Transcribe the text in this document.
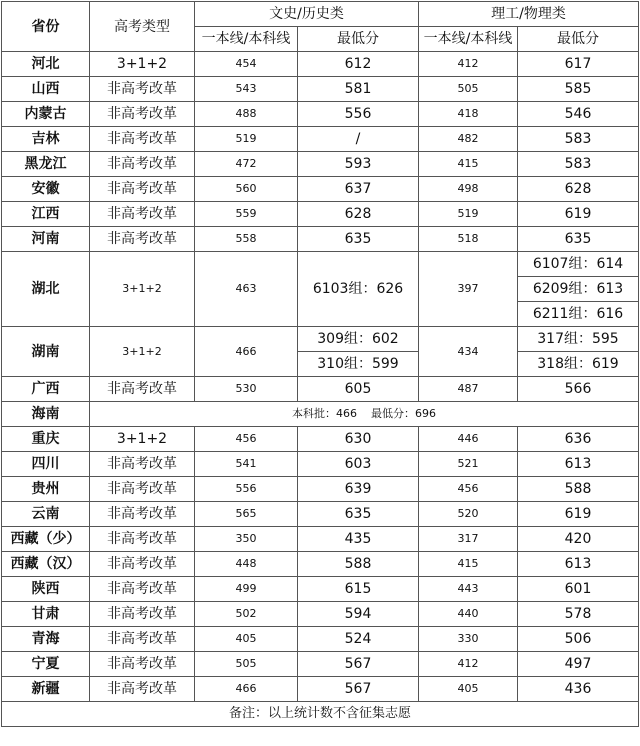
省份	高考类型	文史/历史类		理工/物理类	
		一本线/本科线	最低分	一本线/本科线	最低分
河北	3+1+2	454	612	412	617
山西	非高考改革	543	581	505	585
内蒙古	非高考改革	488	556	418	546
吉林	非高考改革	519	/	482	583
黑龙江	非高考改革	472	593	415	583
安徽	非高考改革	560	637	498	628
江西	非高考改革	559	628	519	619
河南	非高考改革	558	635	518	635
湖北	3+1+2	463	6103组：626	397	6107组：614
					6209组：613
					6211组：616
湖南	3+1+2	466	309组：602	434	317组：595
			310组：599		318组：619
广西	非高考改革	530	605	487	566
海南	本科批：466    最低分：696				
重庆	3+1+2	456	630	446	636
四川	非高考改革	541	603	521	613
贵州	非高考改革	556	639	456	588
云南	非高考改革	565	635	520	619
西藏（少）	非高考改革	350	435	317	420
西藏（汉）	非高考改革	448	588	415	613
陕西	非高考改革	499	615	443	601
甘肃	非高考改革	502	594	440	578
青海	非高考改革	405	524	330	506
宁夏	非高考改革	505	567	412	497
新疆	非高考改革	466	567	405	436
备注：以上统计数不含征集志愿					
